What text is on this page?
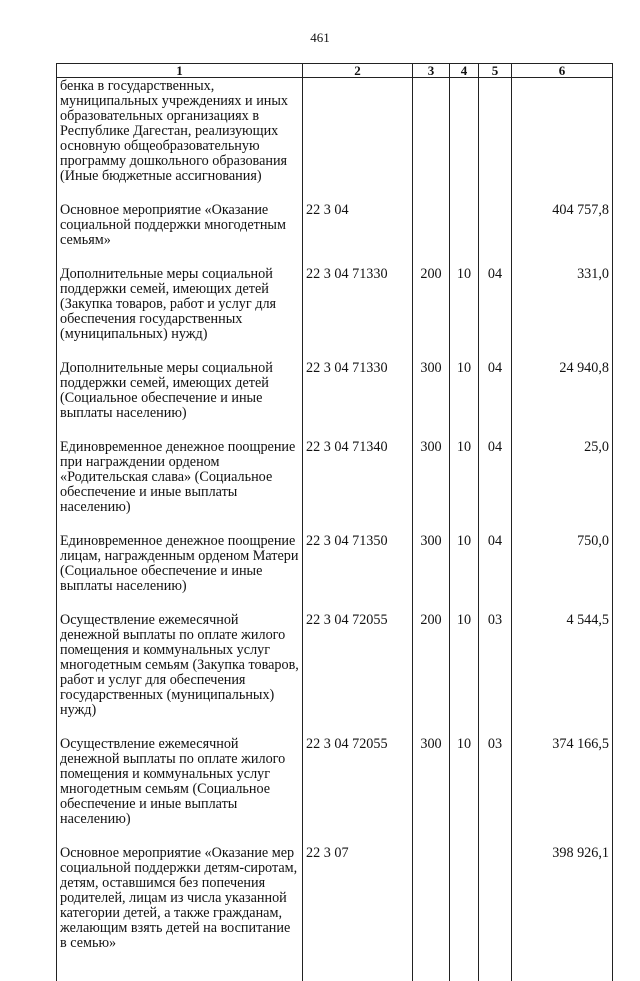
461
1	2	3	4	5	6
бенка в государственных, муниципальных учреждениях и иных образовательных организациях в Республике Дагестан, реализующих основную общеобразовательную программу дошкольного образования (Иные бюджетные ассигнования)					
Основное мероприятие «Оказание социальной поддержки многодетным семьям»	22 3 04				404 757,8
Дополнительные меры социальной поддержки семей, имеющих детей (Закупка товаров, работ и услуг для обеспечения государственных (муниципальных) нужд)	22 3 04 71330	200	10	04	331,0
Дополнительные меры социальной поддержки семей, имеющих детей (Социальное обеспечение и иные выплаты населению)	22 3 04 71330	300	10	04	24 940,8
Единовременное денежное поощрение при награждении орденом «Родительская слава» (Социальное обеспечение и иные выплаты населению)	22 3 04 71340	300	10	04	25,0
Единовременное денежное поощрение лицам, награжденным орденом Матери (Социальное обеспечение и иные выплаты населению)	22 3 04 71350	300	10	04	750,0
Осуществление ежемесячной денежной выплаты по оплате жилого помещения и коммунальных услуг многодетным семьям (Закупка товаров, работ и услуг для обеспечения государственных (муниципальных) нужд)	22 3 04 72055	200	10	03	4 544,5
Осуществление ежемесячной денежной выплаты по оплате жилого помещения и коммунальных услуг многодетным семьям (Социальное обеспечение и иные выплаты населению)	22 3 04 72055	300	10	03	374 166,5
Основное мероприятие «Оказание мер социальной поддержки детям-сиротам, детям, оставшимся без попечения родителей, лицам из числа указанной категории детей, а также гражданам, желающим взять детей на воспитание в семью»	22 3 07				398 926,1
